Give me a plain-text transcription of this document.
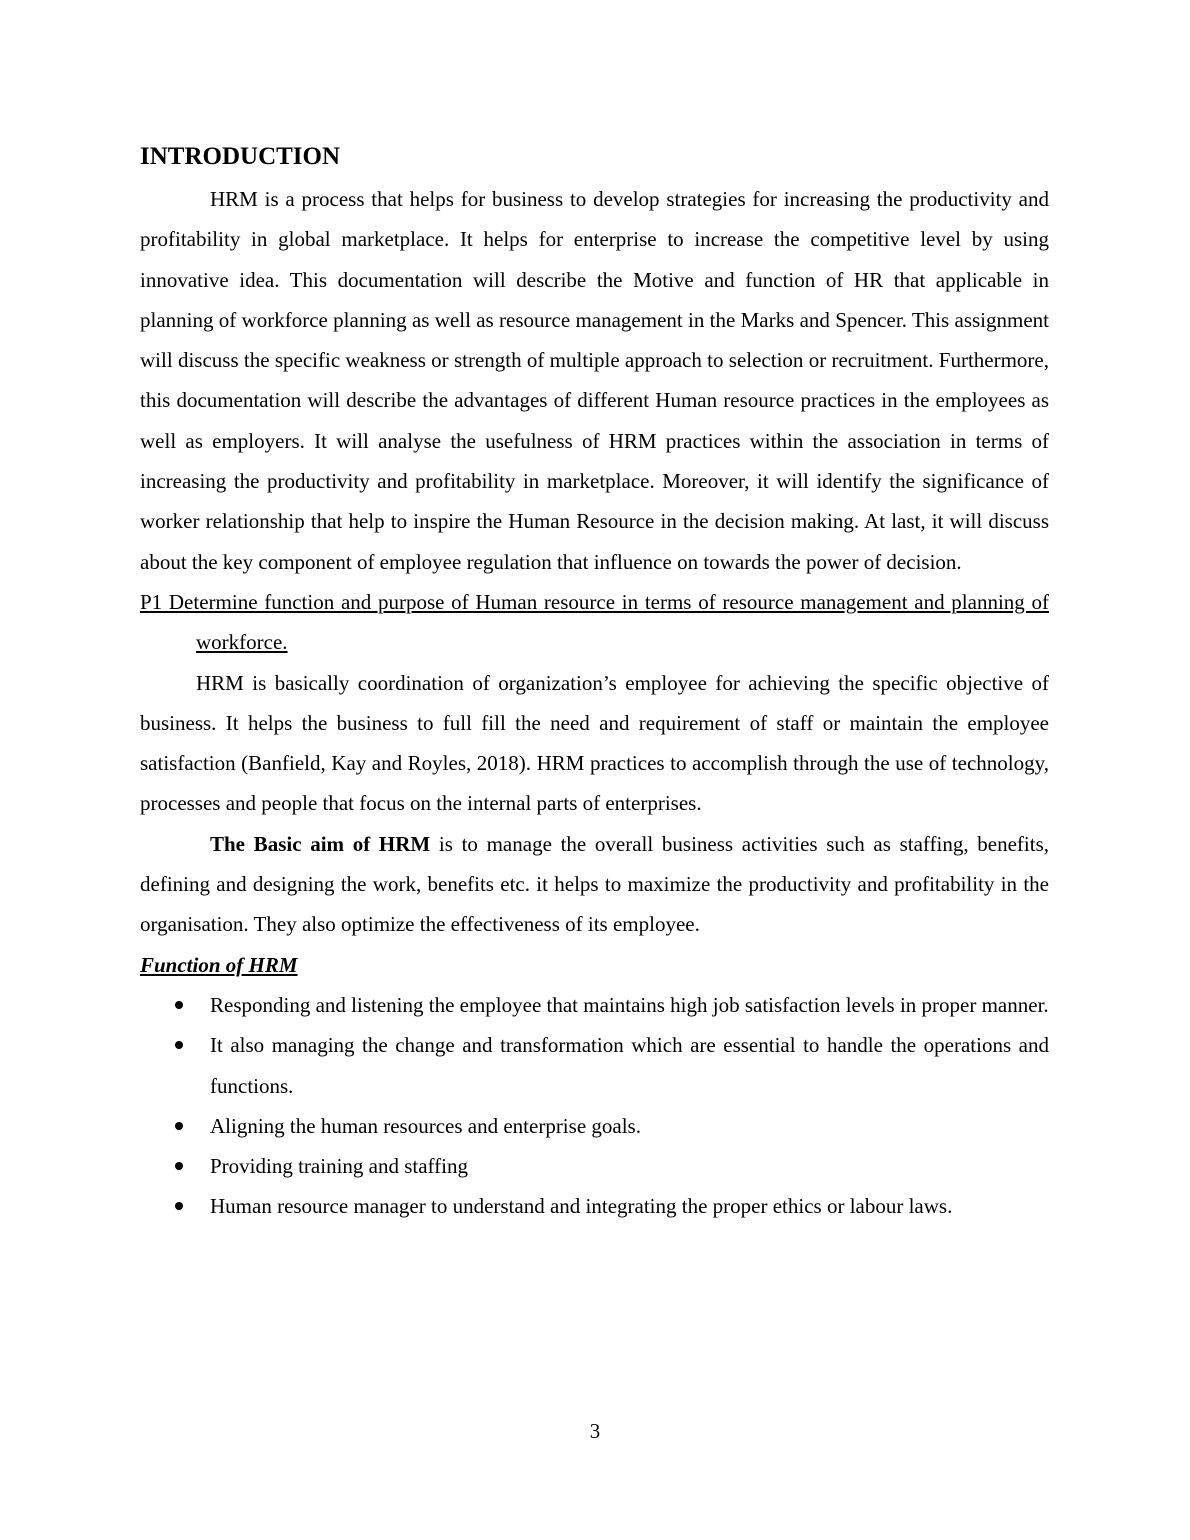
INTRODUCTION

HRM is a process that helps for business to develop strategies for increasing the productivity and profitability in global marketplace. It helps for enterprise to increase the competitive level by using innovative idea. This documentation will describe the Motive and function of HR that applicable in planning of workforce planning as well as resource management in the Marks and Spencer. This assignment will discuss the specific weakness or strength of multiple approach to selection or recruitment. Furthermore, this documentation will describe the advantages of different Human resource practices in the employees as well as employers. It will analyse the usefulness of HRM practices within the association in terms of increasing the productivity and profitability in marketplace. Moreover, it will identify the significance of worker relationship that help to inspire the Human Resource in the decision making. At last, it will discuss about the key component of employee regulation that influence on towards the power of decision.

P1 Determine function and purpose of Human resource in terms of resource management and planning of workforce.

HRM is basically coordination of organization’s employee for achieving the specific objective of business. It helps the business to full fill the need and requirement of staff or maintain the employee satisfaction (Banfield, Kay and Royles, 2018). HRM practices to accomplish through the use of technology, processes and people that focus on the internal parts of enterprises.

The Basic aim of HRM is to manage the overall business activities such as staffing, benefits, defining and designing the work, benefits etc. it helps to maximize the productivity and profitability in the organisation. They also optimize the effectiveness of its employee.

Function of HRM

Responding and listening the employee that maintains high job satisfaction levels in proper manner.
It also managing the change and transformation which are essential to handle the operations and functions.
Aligning the human resources and enterprise goals.
Providing training and staffing
Human resource manager to understand and integrating the proper ethics or labour laws.
3
